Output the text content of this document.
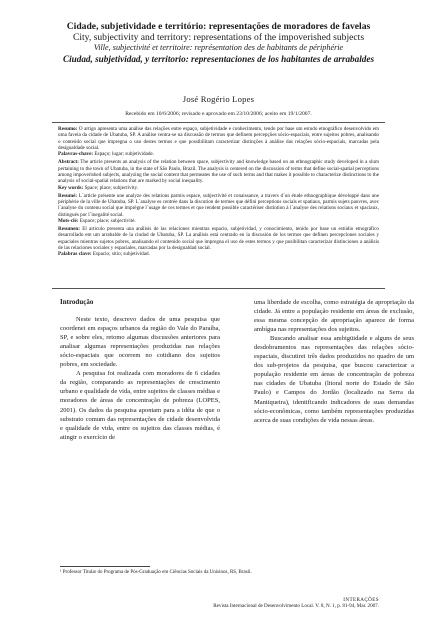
Cidade, subjetividade e território: representações de moradores de favelas
City, subjectivity and territory: representations of the impoverished subjects
Ville, subjectivité et territoire: représentation des de habitants de périphérie
Ciudad, subjetividad, y territorio: representaciones de los habitantes de arrabaldes
José Rogério Lopes
Recebido em 10/6/2006; revisado e aprovado em 23/10/2006; aceito em 19/1/2007.

Resumo: O artigo apresenta uma análise das relações entre espaço, subjetividade e conhecimento, tendo por base um estudo etnográfico desenvolvido em uma favela da cidade de Ubatuba, SP. A análise centra-se na discussão de termos que definem percepções sócio-espaciais, entre sujeitos pobres, analisando o conteúdo social que impregna o uso destes termos e que possibilitam caracterizar distinções à análise das relações sócio-espaciais, marcadas pela desigualdade social.

Palavras-chave: Espaço; lugar; subjetividade.

Abstract: The article presents an analysis of the relation between space, subjectivity and knowledge based on an ethnographic study developed in a slum pertaining to the town of Ubatuba, in the state of São Paulo, Brazil. The analysis is centered on the discussion of terms that define social-spatial perceptions among impoverished subjects, analyzing the social content that permeates the use of such terms and that makes it possible to characterize distinctions to the analysis of social-spatial relations that are marked by social inequality.

Key words: Space; place; subjectivity.

Resumé: L´article présente une analyze des relations parmis espace, subjectivité et conaissance, a travers d´un étude ethnographique développé dans une périphérie de la ville de Ubatuba, SP. L´analyse es centrée dans la discution de termes que défini perceptions socials et spatiaux, parmis sujets pauvres, avec l´analyse du contenu social que imprègne l´usage de ces termes et que rendent possible caractériser distintion à l´analyse des relations sociaux et spaciaux, distingués por l´inegalité social.

Mots-clé: Espace; place; subjectivité.

Resumen: El articulo presenta una análisis de las relaciones mientras espacio, subjetividad, y conocimiento, tenido por base un estúdio etnográfico desarrollado em um arrabalde de la ciudad de Ubatuba, SP. La análisis está centrado en la discusión de los termos que definen percepciones sociales y espaciales mientras sujetos pobres, analisando el contenido social que impregna el uso de estes termos y que posibilitan caracterizar distinciones a análisis de las relaciones sociales y espaciales, marcadas por la desigualdad social.

Palabras clave: Espacio; sitio; subjetividad.

Introdução

Neste texto, descrevo dados de uma pesquisa que coordenei em espaços urbanos da região do Vale do Paraíba, SP, e sobre eles, retomo algumas discussões anteriores para analisar algumas representações produzidas nas relações sócio-espaciais que ocorrem no cotidiano dos sujeitos pobres, em sociedade.

A pesquisa foi realizada com moradores de 6 cidades da região, comparando as representações de crescimento urbano e qualidade de vida, entre sujeitos de classes médias e moradores de áreas de concentração de pobreza (LOPES, 2001). Os dados da pesquisa apontam para a idéia de que o substrato comum das representações de cidade desenvolvida e qualidade de vida, entre os sujeitos das classes médias, é atingir o exercício de

uma liberdade de escolha, como estratégia de apropriação da cidade. Já entre a população residente em áreas de exclusão, essa mesma concepção de apropriação aparece de forma ambígua nas representações dos sujeitos.

Buscando analisar essa ambigüidade e alguns de seus desdobramentos nas representações das relações sócio-espaciais, discutirei três dados produzidos no quadro de um dos sub-projetos da pesquisa, que buscou caracterizar a população residente em áreas de concentração de pobreza nas cidades de Ubatuba (litoral norte do Estado de São Paulo) e Campos do Jordão (localizado na Serra da Mantiqueira), identificando indicadores de suas demandas sócio-econômicas, como também representações produzidas acerca de suas condições de vida nessas áreas.

¹ Professor Titular do Programa de Pós-Graduação em Ciências Sociais da Unisinos, RS, Brasil.
INTERAÇÕES
Revista Internacional de Desenvolvimento Local. V. 8, N. 1, p. 81-94, Mar. 2007.
